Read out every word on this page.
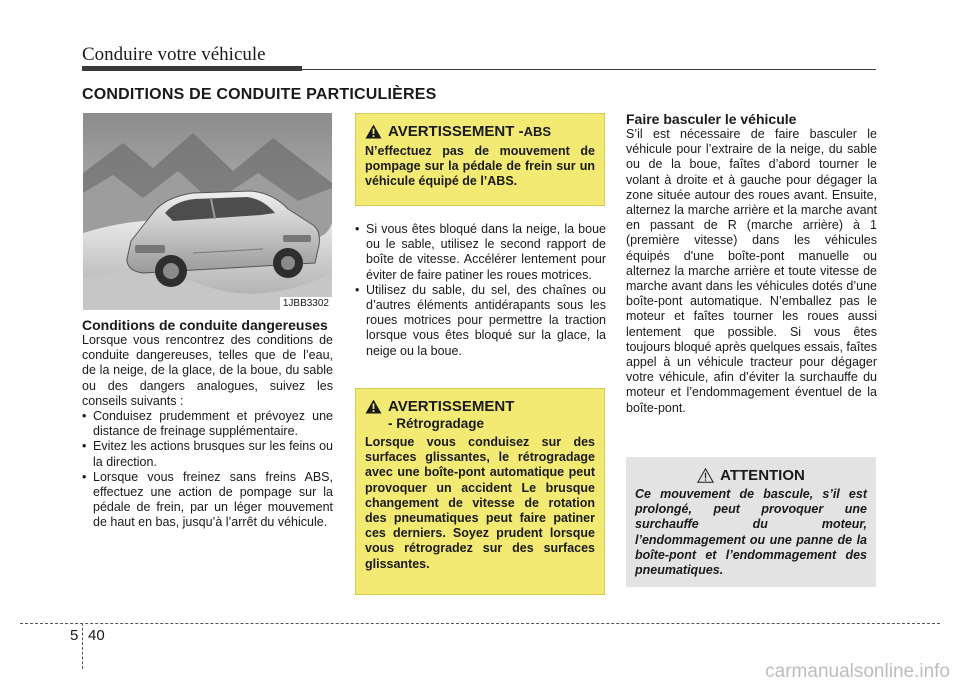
Conduire votre véhicule
CONDITIONS DE CONDUITE PARTICULIÈRES
1JBB3302

Conditions de conduite dangereuses

Lorsque vous rencontrez des conditions de conduite dangereuses, telles que de l’eau, de la neige, de la glace, de la boue, du sable ou des dangers analogues, suivez les conseils suivants :

• Conduisez prudemment et prévoyez une distance de freinage supplémentaire.
• Evitez les actions brusques sur les feins ou la direction.
• Lorsque vous freinez sans freins ABS, effectuez une action de pompage sur la pédale de frein, par un léger mouvement de haut en bas, jusqu’à l’arrêt du véhicule.
AVERTISSEMENT - ABS
N’effectuez pas de mouvement de pompage sur la pédale de frein sur un véhicule équipé de l’ABS.
• Si vous êtes bloqué dans la neige, la boue ou le sable, utilisez le second rapport de boîte de vitesse. Accélérer lentement pour éviter de faire patiner les roues motrices.
• Utilisez du sable, du sel, des chaînes ou d’autres éléments antidérapants sous les roues motrices pour permettre la traction lorsque vous êtes bloqué sur la glace, la neige ou la boue.
AVERTISSEMENT
- Rétrogradage
Lorsque vous conduisez sur des surfaces glissantes, le rétrogradage avec une boîte-pont automatique peut provoquer un accident Le brusque changement de vitesse de rotation des pneumatiques peut faire patiner ces derniers. Soyez prudent lorsque vous rétrogradez sur des surfaces glissantes.

Faire basculer le véhicule

S’il est nécessaire de faire basculer le véhicule pour l’extraire de la neige, du sable ou de la boue, faîtes d’abord tourner le volant à droite et à gauche pour dégager la zone située autour des roues avant. Ensuite, alternez la marche arrière et la marche avant en passant de R (marche arrière) à 1 (première vitesse) dans les véhicules équipés d'une boîte-pont manuelle ou alternez la marche arrière et toute vitesse de marche avant dans les véhicules dotés d’une boîte-pont automatique. N’emballez pas le moteur et faîtes tourner les roues aussi lentement que possible. Si vous êtes toujours bloqué après quelques essais, faîtes appel à un véhicule tracteur pour dégager votre véhicule, afin d’éviter la surchauffe du moteur et l’endommagement éventuel de la boîte-pont.

ATTENTION
Ce mouvement de bascule, s’il est prolongé, peut provoquer une surchauffe du moteur, l’endommagement ou une panne de la boîte-pont et l’endommagement des pneumatiques.
5 40
carmanualsonline.info
